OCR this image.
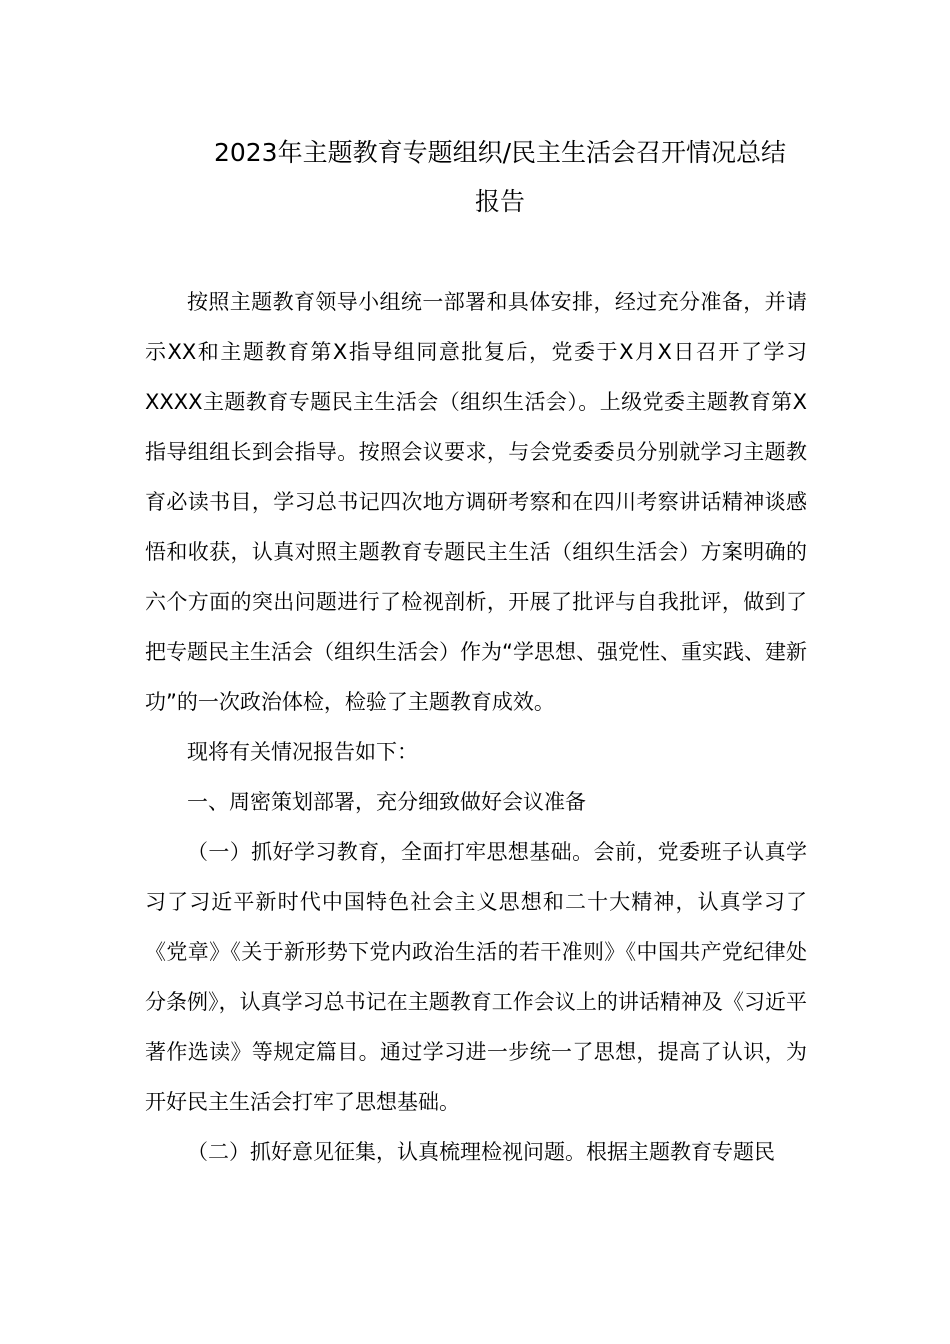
2023年主题教育专题组织/民主生活会召开情况总结
报告

按照主题教育领导小组统一部署和具体安排，经过充分准备，并请示XX和主题教育第X指导组同意批复后，党委于X月X日召开了学习XXXX主题教育专题民主生活会（组织生活会）。上级党委主题教育第X指导组组长到会指导。按照会议要求，与会党委委员分别就学习主题教育必读书目，学习总书记四次地方调研考察和在四川考察讲话精神谈感悟和收获，认真对照主题教育专题民主生活（组织生活会）方案明确的六个方面的突出问题进行了检视剖析，开展了批评与自我批评，做到了把专题民主生活会（组织生活会）作为“学思想、强党性、重实践、建新功”的一次政治体检，检验了主题教育成效。

现将有关情况报告如下：

一、周密策划部署，充分细致做好会议准备

（一）抓好学习教育，全面打牢思想基础。会前，党委班子认真学习了习近平新时代中国特色社会主义思想和二十大精神，认真学习了《党章》《关于新形势下党内政治生活的若干准则》《中国共产党纪律处分条例》，认真学习总书记在主题教育工作会议上的讲话精神及《习近平著作选读》等规定篇目。通过学习进一步统一了思想，提高了认识，为开好民主生活会打牢了思想基础。

（二）抓好意见征集，认真梳理检视问题。根据主题教育专题民
